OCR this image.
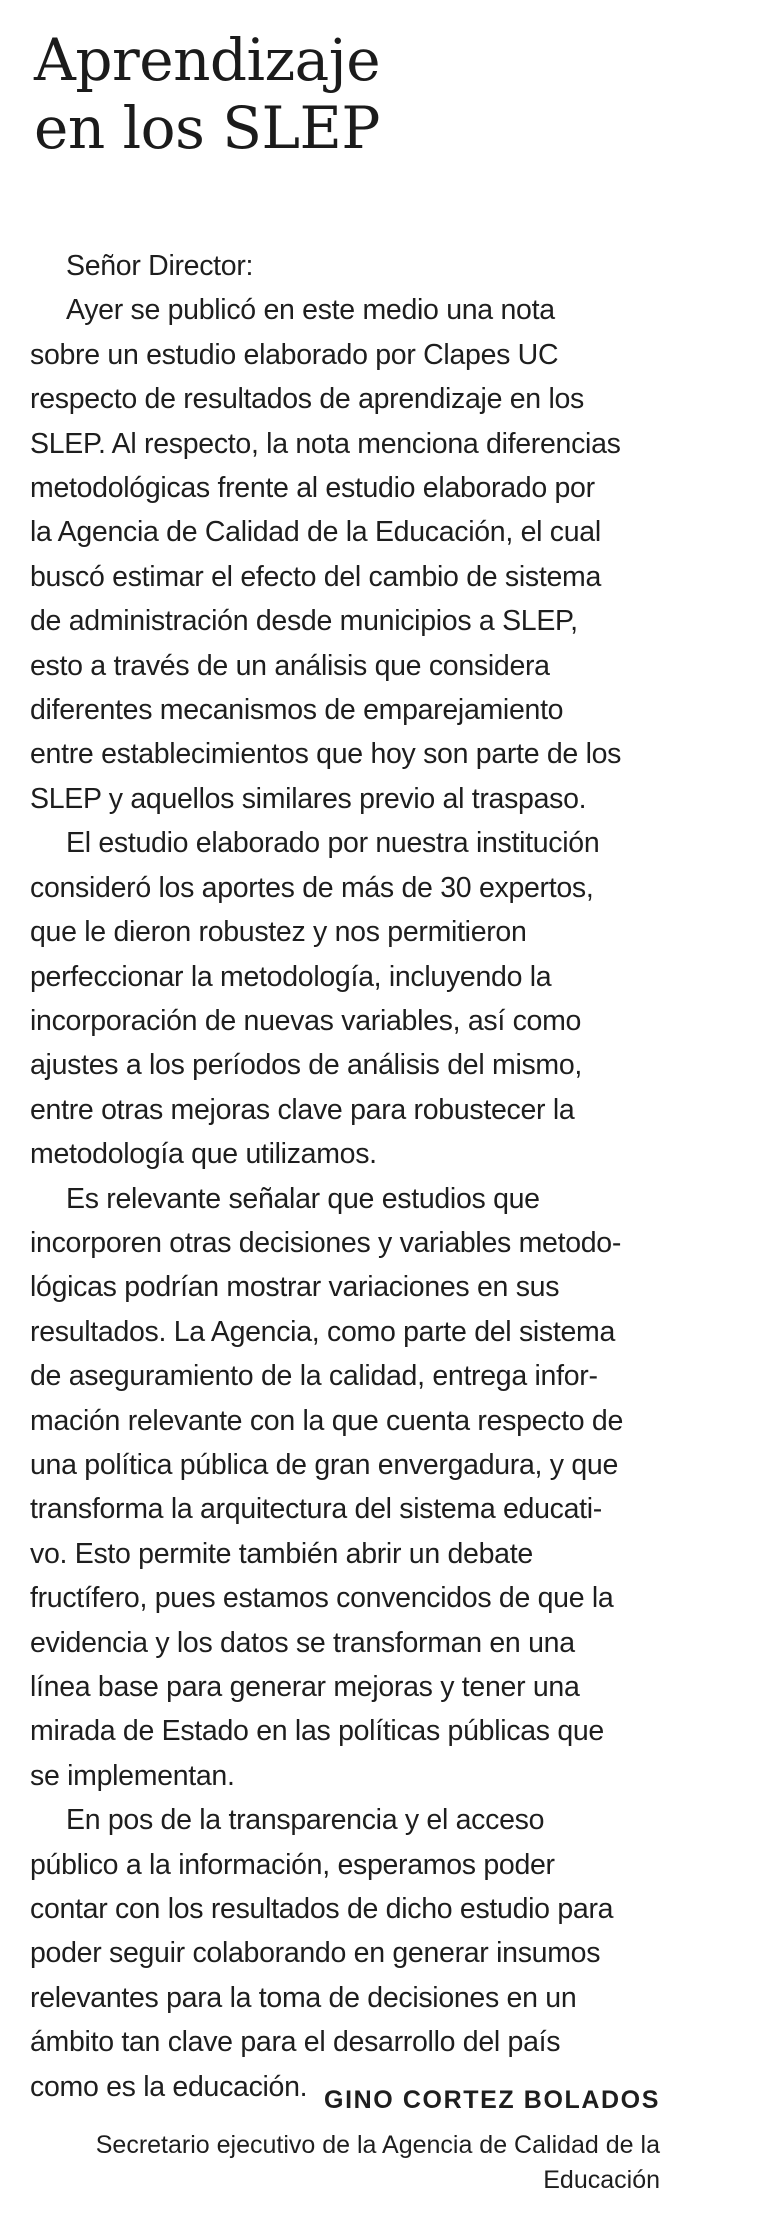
Aprendizaje
en los SLEP
Señor Director:
Ayer se publicó en este medio una nota
sobre un estudio elaborado por Clapes UC
respecto de resultados de aprendizaje en los
SLEP. Al respecto, la nota menciona diferencias
metodológicas frente al estudio elaborado por
la Agencia de Calidad de la Educación, el cual
buscó estimar el efecto del cambio de sistema
de administración desde municipios a SLEP,
esto a través de un análisis que considera
diferentes mecanismos de emparejamiento
entre establecimientos que hoy son parte de los
SLEP y aquellos similares previo al traspaso.
El estudio elaborado por nuestra institución
consideró los aportes de más de 30 expertos,
que le dieron robustez y nos permitieron
perfeccionar la metodología, incluyendo la
incorporación de nuevas variables, así como
ajustes a los períodos de análisis del mismo,
entre otras mejoras clave para robustecer la
metodología que utilizamos.
Es relevante señalar que estudios que
incorporen otras decisiones y variables metodo-
lógicas podrían mostrar variaciones en sus
resultados. La Agencia, como parte del sistema
de aseguramiento de la calidad, entrega infor-
mación relevante con la que cuenta respecto de
una política pública de gran envergadura, y que
transforma la arquitectura del sistema educati-
vo. Esto permite también abrir un debate
fructífero, pues estamos convencidos de que la
evidencia y los datos se transforman en una
línea base para generar mejoras y tener una
mirada de Estado en las políticas públicas que
se implementan.
En pos de la transparencia y el acceso
público a la información, esperamos poder
contar con los resultados de dicho estudio para
poder seguir colaborando en generar insumos
relevantes para la toma de decisiones en un
ámbito tan clave para el desarrollo del país
como es la educación. GINO CORTEZ BOLADOS
Secretario ejecutivo de la Agencia de Calidad de la
Educación
